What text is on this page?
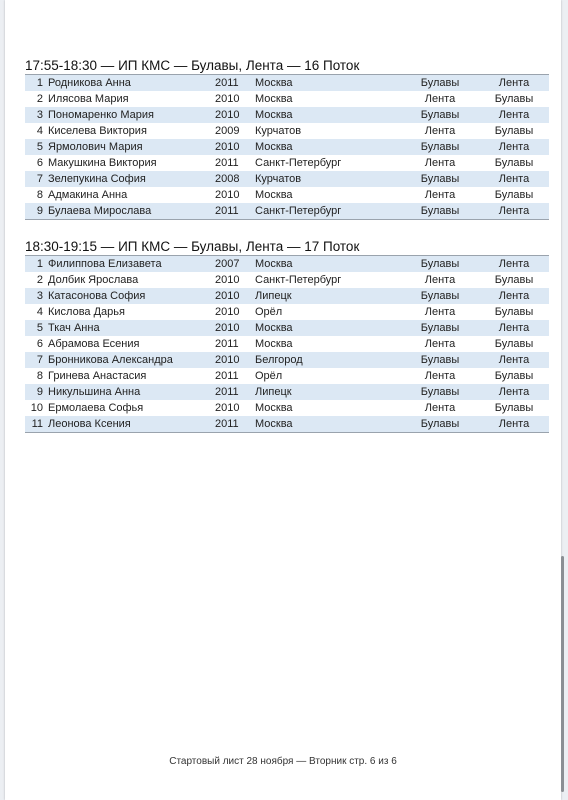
17:55-18:30 — ИП КМС — Булавы, Лента — 16 Поток
1 Родникова Анна	2011 Москва	Булавы	Лента
2 Илясова Мария	2010 Москва	Лента	Булавы
3 Пономаренко Мария	2010 Москва	Булавы	Лента
4 Киселева Виктория	2009 Курчатов	Лента	Булавы
5 Ярмолович Мария	2010 Москва	Булавы	Лента
6 Макушкина Виктория	2011 Санкт-Петербург	Лента	Булавы
7 Зелепукина София	2008 Курчатов	Булавы	Лента
8 Адмакина Анна	2010 Москва	Лента	Булавы
9 Булаева Мирослава	2011 Санкт-Петербург	Булавы	Лента
18:30-19:15 — ИП КМС — Булавы, Лента — 17 Поток
1 Филиппова Елизавета	2007 Москва	Булавы	Лента
2 Долбик Ярослава	2010 Санкт-Петербург	Лента	Булавы
3 Катасонова София	2010 Липецк	Булавы	Лента
4 Кислова Дарья	2010 Орёл	Лента	Булавы
5 Ткач Анна	2010 Москва	Булавы	Лента
6 Абрамова Есения	2011 Москва	Лента	Булавы
7 Бронникова Александра	2010 Белгород	Булавы	Лента
8 Гринева Анастасия	2011 Орёл	Лента	Булавы
9 Никульшина Анна	2011 Липецк	Булавы	Лента
10 Ермолаева Софья	2010 Москва	Лента	Булавы
11 Леонова Ксения	2011 Москва	Булавы	Лента
Стартовый лист 28 ноября — Вторник стр. 6 из 6
